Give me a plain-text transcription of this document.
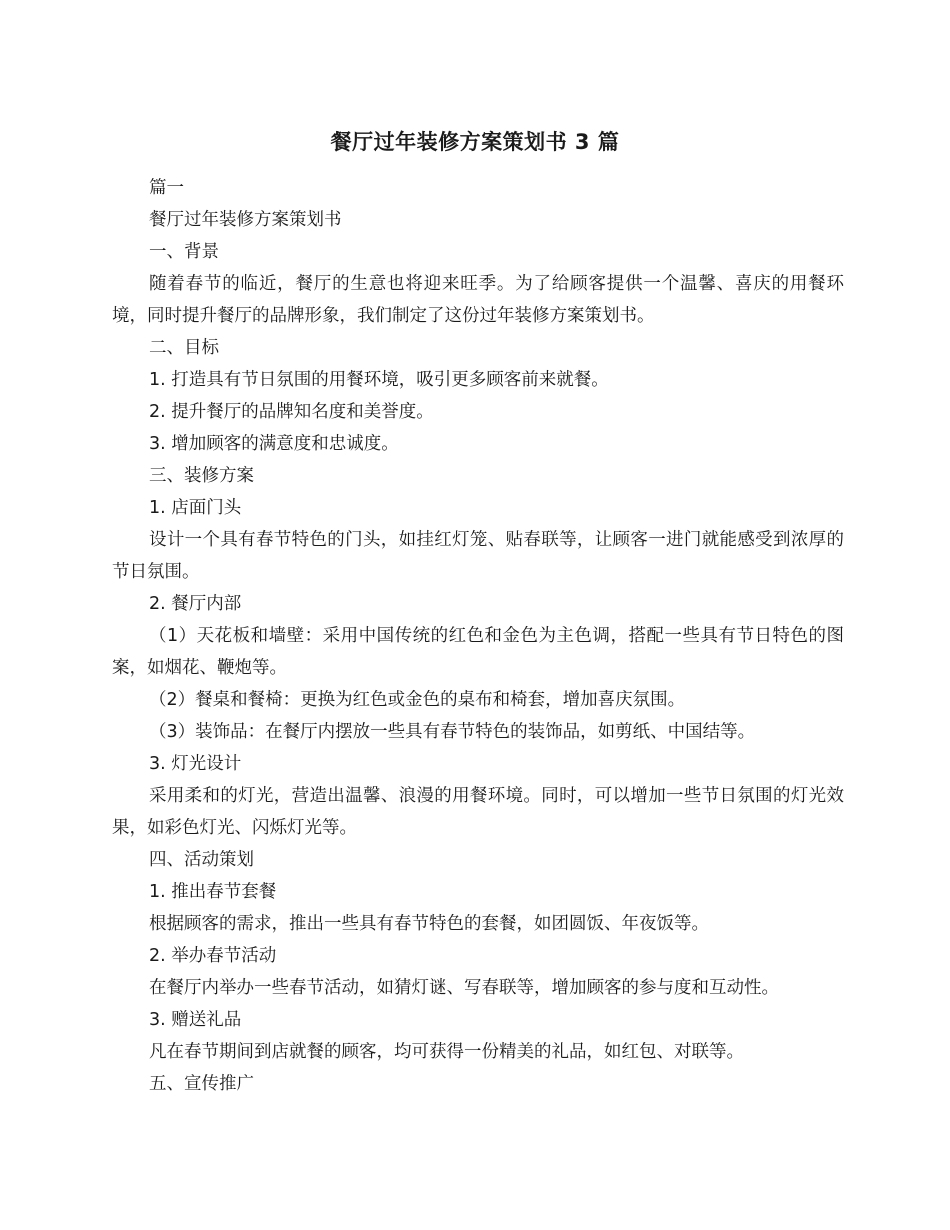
餐厅过年装修方案策划书 3 篇

篇一

餐厅过年装修方案策划书

一、背景

随着春节的临近，餐厅的生意也将迎来旺季。为了给顾客提供一个温馨、喜庆的用餐环境，同时提升餐厅的品牌形象，我们制定了这份过年装修方案策划书。

二、目标

1. 打造具有节日氛围的用餐环境，吸引更多顾客前来就餐。

2. 提升餐厅的品牌知名度和美誉度。

3. 增加顾客的满意度和忠诚度。

三、装修方案

1. 店面门头

设计一个具有春节特色的门头，如挂红灯笼、贴春联等，让顾客一进门就能感受到浓厚的节日氛围。

2. 餐厅内部

（1）天花板和墙壁：采用中国传统的红色和金色为主色调，搭配一些具有节日特色的图案，如烟花、鞭炮等。

（2）餐桌和餐椅：更换为红色或金色的桌布和椅套，增加喜庆氛围。

（3）装饰品：在餐厅内摆放一些具有春节特色的装饰品，如剪纸、中国结等。

3. 灯光设计

采用柔和的灯光，营造出温馨、浪漫的用餐环境。同时，可以增加一些节日氛围的灯光效果，如彩色灯光、闪烁灯光等。

四、活动策划

1. 推出春节套餐

根据顾客的需求，推出一些具有春节特色的套餐，如团圆饭、年夜饭等。

2. 举办春节活动

在餐厅内举办一些春节活动，如猜灯谜、写春联等，增加顾客的参与度和互动性。

3. 赠送礼品

凡在春节期间到店就餐的顾客，均可获得一份精美的礼品，如红包、对联等。

五、宣传推广
